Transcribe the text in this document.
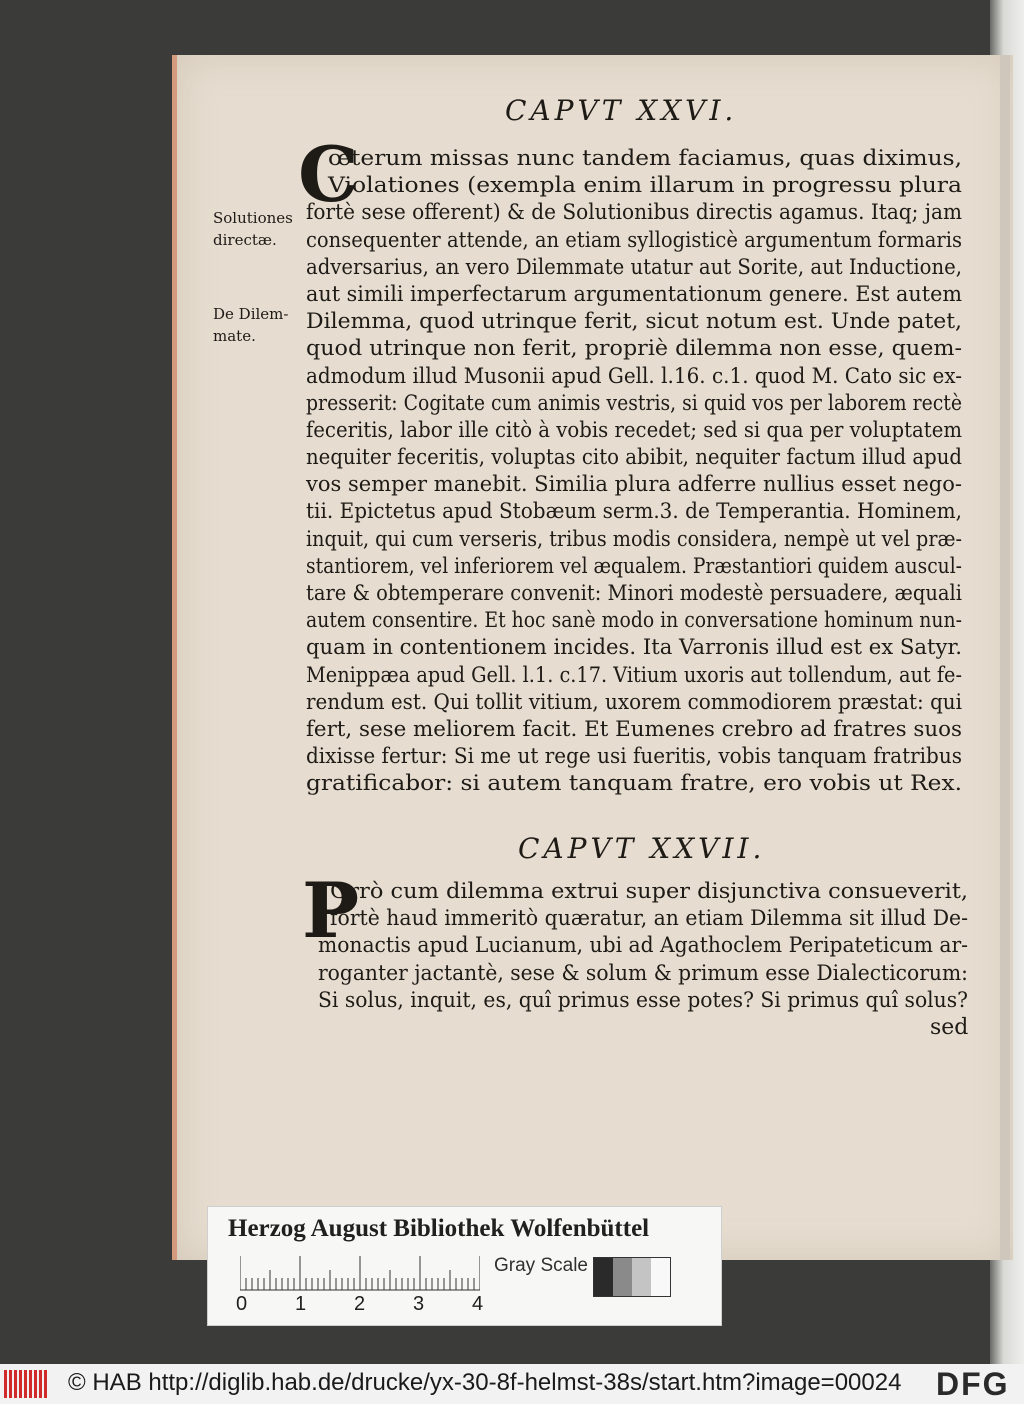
CAPVT XXVI.
Solutiones
directæ.
De Dilem-
mate.
C
œterum missas nunc tandem faciamus, quas diximus,
Violationes (exempla enim illarum in progressu plura
fortè sese offerent) & de Solutionibus directis agamus. Itaq; jam
consequenter attende, an etiam syllogisticè argumentum formaris
adversarius, an vero Dilemmate utatur aut Sorite, aut Inductione,
aut simili imperfectarum argumentationum genere. Est autem
Dilemma, quod utrinque ferit, sicut notum est. Unde patet,
quod utrinque non ferit, propriè dilemma non esse, quem-
admodum illud Musonii apud Gell. l.16. c.1. quod M. Cato sic ex-
presserit: Cogitate cum animis vestris, si quid vos per laborem rectè
feceritis, labor ille citò à vobis recedet; sed si qua per voluptatem
nequiter feceritis, voluptas cito abibit, nequiter factum illud apud
vos semper manebit. Similia plura adferre nullius esset nego-
tii. Epictetus apud Stobæum serm.3. de Temperantia. Hominem,
inquit, qui cum verseris, tribus modis considera, nempè ut vel præ-
stantiorem, vel inferiorem vel æqualem. Præstantiori quidem auscul-
tare & obtemperare convenit: Minori modestè persuadere, æquali
autem consentire. Et hoc sanè modo in conversatione hominum nun-
quam in contentionem incides. Ita Varronis illud est ex Satyr.
Menippæa apud Gell. l.1. c.17. Vitium uxoris aut tollendum, aut fe-
rendum est. Qui tollit vitium, uxorem commodiorem præstat: qui
fert, sese meliorem facit. Et Eumenes crebro ad fratres suos
dixisse fertur: Si me ut rege usi fueritis, vobis tanquam fratribus
gratificabor: si autem tanquam fratre, ero vobis ut Rex.
CAPVT XXVII.
P
Orrò cum dilemma extrui super disjunctiva consueverit,
fortè haud immeritò quæratur, an etiam Dilemma sit illud De-
monactis apud Lucianum, ubi ad Agathoclem Peripateticum ar-
roganter jactantè, sese & solum & primum esse Dialecticorum:
Si solus, inquit, es, quî primus esse potes? Si primus quî solus?
sed
Herzog August Bibliothek Wolfenbüttel
0 1 2 3 4
Gray Scale
© HAB http://diglib.hab.de/drucke/yx-30-8f-helmst-38s/start.htm?image=00024 DFG
